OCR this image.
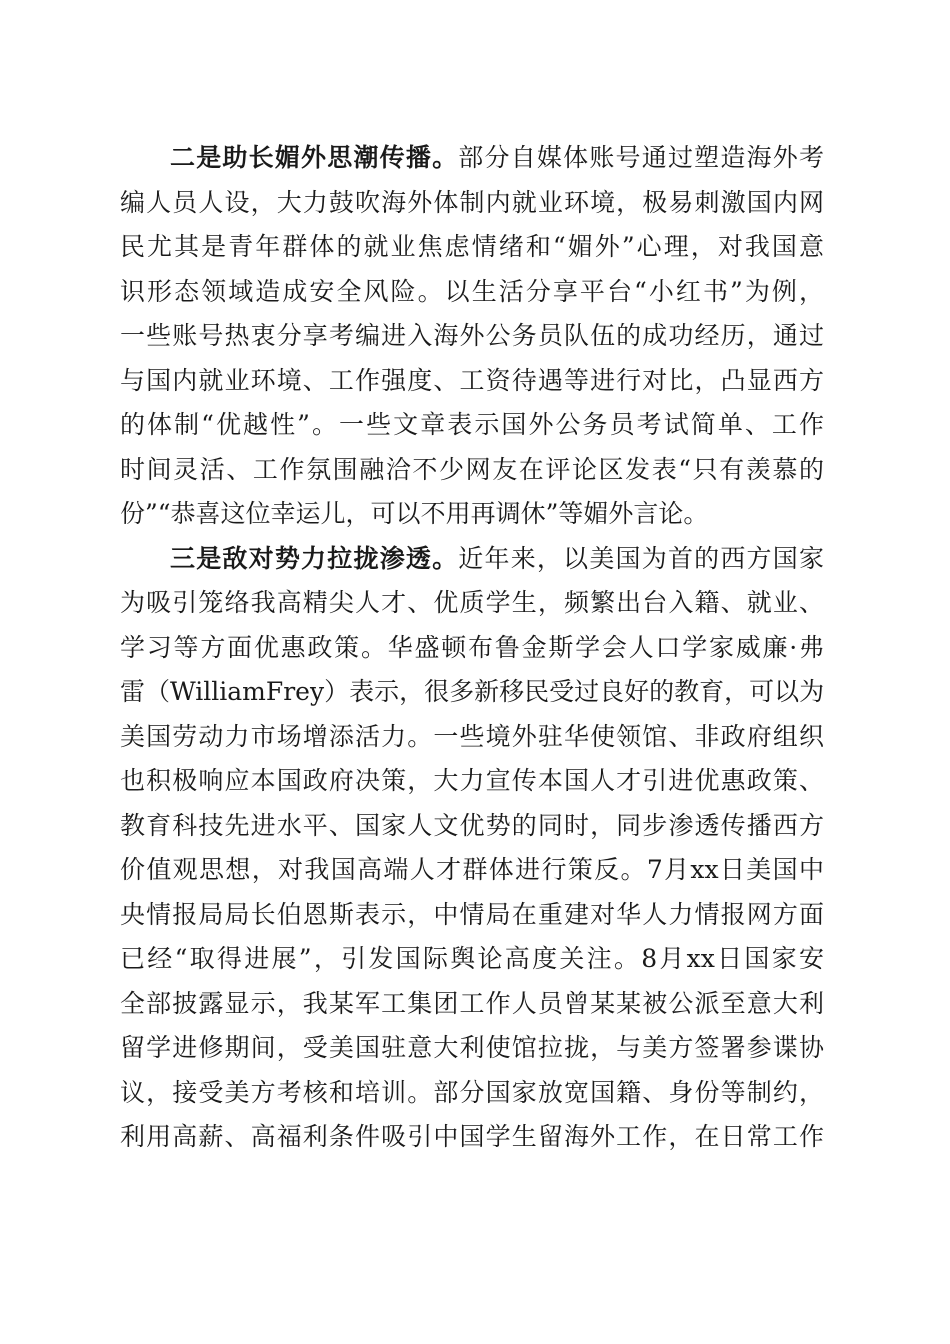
二是助长媚外思潮传播。部分自媒体账号通过塑造海外考
编人员人设，大力鼓吹海外体制内就业环境，极易刺激国内网
民尤其是青年群体的就业焦虑情绪和“媚外”心理，对我国意
识形态领域造成安全风险。以生活分享平台“小红书”为例，
一些账号热衷分享考编进入海外公务员队伍的成功经历，通过
与国内就业环境、工作强度、工资待遇等进行对比，凸显西方
的体制“优越性”。一些文章表示国外公务员考试简单、工作
时间灵活、工作氛围融洽不少网友在评论区发表“只有羡慕的
份”“恭喜这位幸运儿，可以不用再调休”等媚外言论。
三是敌对势力拉拢渗透。近年来，以美国为首的西方国家
为吸引笼络我高精尖人才、优质学生，频繁出台入籍、就业、
学习等方面优惠政策。华盛顿布鲁金斯学会人口学家威廉·弗
雷（WilliamFrey）表示，很多新移民受过良好的教育，可以为
美国劳动力市场增添活力。一些境外驻华使领馆、非政府组织
也积极响应本国政府决策，大力宣传本国人才引进优惠政策、
教育科技先进水平、国家人文优势的同时，同步渗透传播西方
价值观思想，对我国高端人才群体进行策反。7月xx日美国中
央情报局局长伯恩斯表示，中情局在重建对华人力情报网方面
已经“取得进展”，引发国际舆论高度关注。8月xx日国家安
全部披露显示，我某军工集团工作人员曾某某被公派至意大利
留学进修期间，受美国驻意大利使馆拉拢，与美方签署参谍协
议，接受美方考核和培训。部分国家放宽国籍、身份等制约，
利用高薪、高福利条件吸引中国学生留海外工作，在日常工作
